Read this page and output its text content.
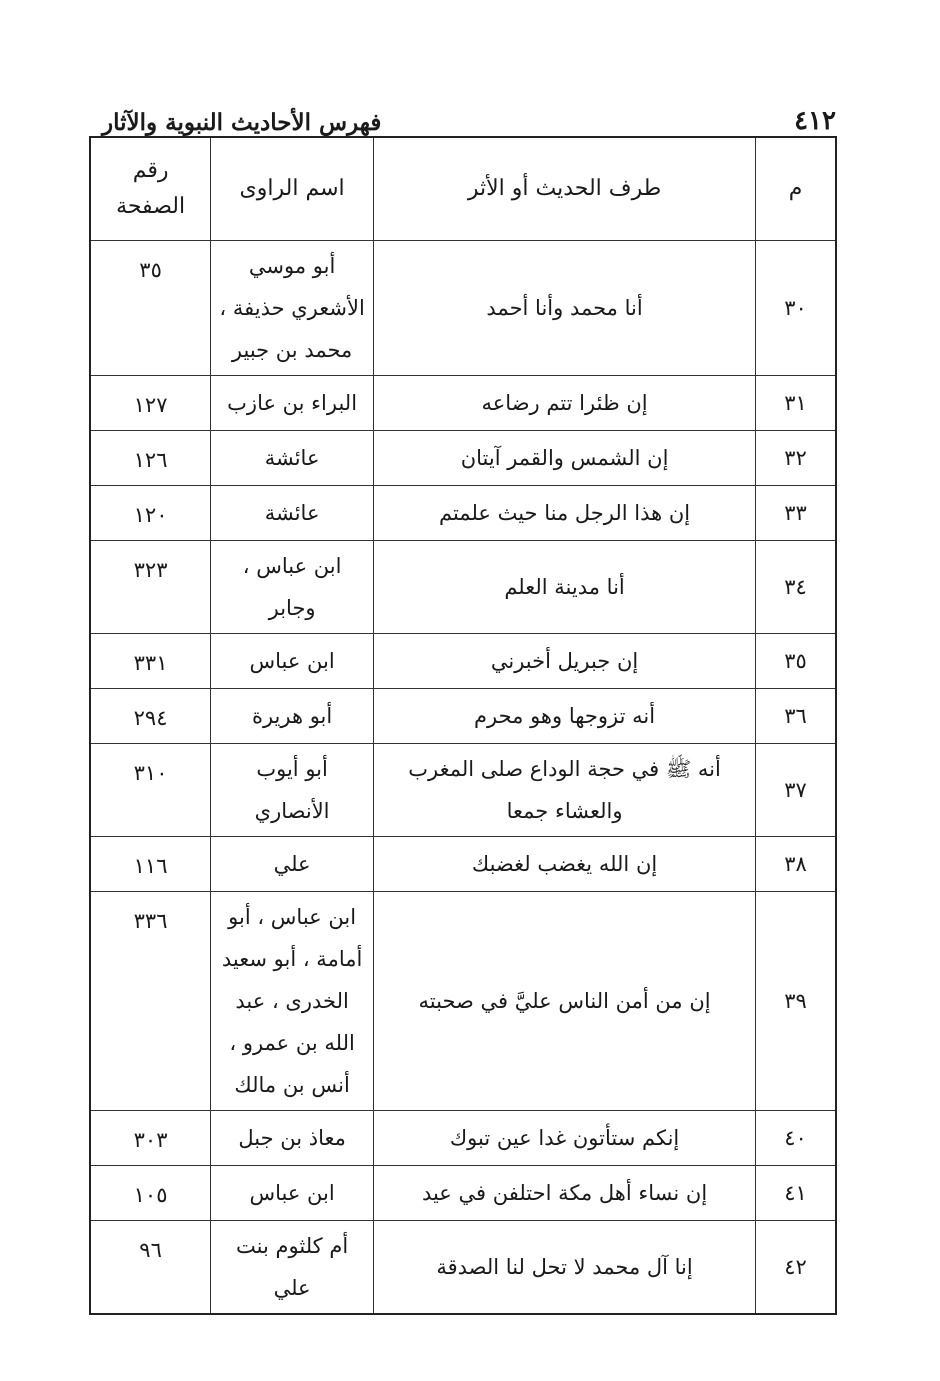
٤١٢
فهرس الأحاديث النبوية والآثار
م	طرف الحديث أو الأثر	اسم الراوى	رقم الصفحة
٣٠	أنا محمد وأنا أحمد	أبو موسي الأشعري حذيفة ، محمد بن جبير	٣٥
٣١	إن ظئرا تتم رضاعه	البراء بن عازب	١٢٧
٣٢	إن الشمس والقمر آيتان	عائشة	١٢٦
٣٣	إن هذا الرجل منا حيث علمتم	عائشة	١٢٠
٣٤	أنا مدينة العلم	ابن عباس ، وجابر	٣٢٣
٣٥	إن جبريل أخبرني	ابن عباس	٣٣١
٣٦	أنه تزوجها وهو محرم	أبو هريرة	٢٩٤
٣٧	أنه ﷺ في حجة الوداع صلى المغرب والعشاء جمعا	أبو أيوب الأنصاري	٣١٠
٣٨	إن الله يغضب لغضبك	علي	١١٦
٣٩	إن من أمن الناس عليَّ في صحبته	ابن عباس ، أبو أمامة ، أبو سعيد الخدرى ، عبد الله بن عمرو ، أنس بن مالك	٣٣٦
٤٠	إنكم ستأتون غدا عين تبوك	معاذ بن جبل	٣٠٣
٤١	إن نساء أهل مكة احتلفن في عيد	ابن عباس	١٠٥
٤٢	إنا آل محمد لا تحل لنا الصدقة	أم كلثوم بنت علي	٩٦
